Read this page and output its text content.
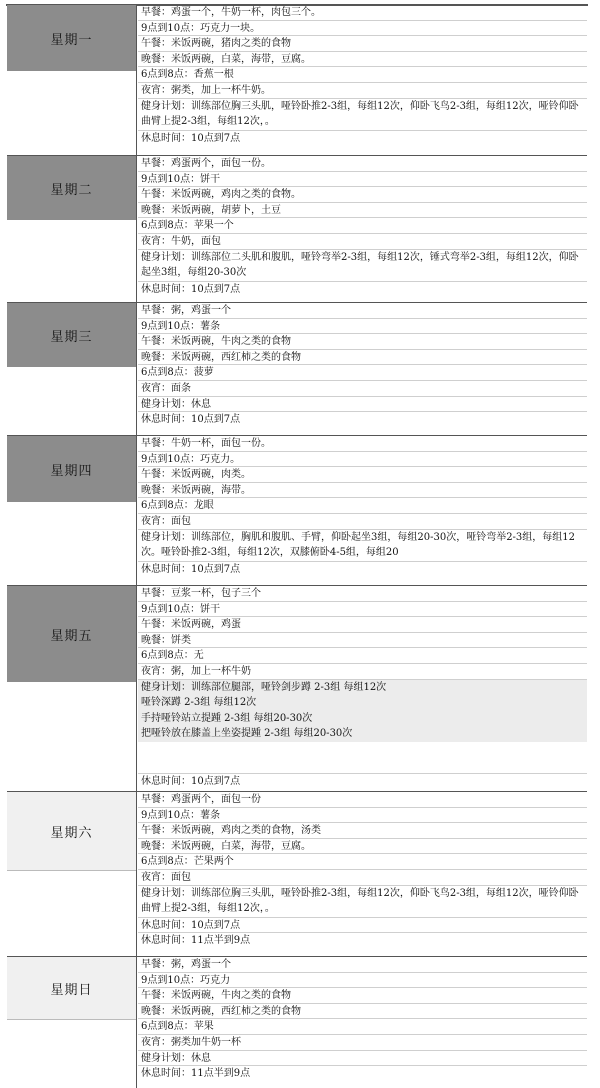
星期一
早餐：鸡蛋一个，牛奶一杯，肉包三个。
9点到10点：巧克力一块。
午餐：米饭两碗，猪肉之类的食物
晚餐：米饭两碗，白菜，海带，豆腐。
6点到8点：香蕉一根
夜宵：粥类，加上一杯牛奶。
健身计划：训练部位胸三头肌，哑铃卧推2-3组，每组12次，仰卧飞鸟2-3组，每组12次，哑铃仰卧曲臂上提2-3组，每组12次，。
休息时间：10点到7点
星期二
早餐：鸡蛋两个，面包一份。
9点到10点：饼干
午餐：米饭两碗，鸡肉之类的食物。
晚餐：米饭两碗，胡萝卜，土豆
6点到8点：苹果一个
夜宵：牛奶，面包
健身计划：训练部位二头肌和腹肌，哑铃弯举2-3组，每组12次，锤式弯举2-3组，每组12次，仰卧起坐3组，每组20-30次
休息时间：10点到7点
星期三
早餐：粥，鸡蛋一个
9点到10点：薯条
午餐：米饭两碗，牛肉之类的食物
晚餐：米饭两碗，西红柿之类的食物
6点到8点：菠萝
夜宵：面条
健身计划：休息
休息时间：10点到7点
星期四
早餐：牛奶一杯，面包一份。
9点到10点：巧克力。
午餐：米饭两碗，肉类。
晚餐：米饭两碗，海带。
6点到8点：龙眼
夜宵：面包
健身计划：训练部位，胸肌和腹肌、手臂，仰卧起坐3组，每组20-30次，哑铃弯举2-3组，每组12次。哑铃卧推2-3组，每组12次，双膝俯卧4-5组，每组20
休息时间：10点到7点
星期五
早餐：豆浆一杯，包子三个
9点到10点：饼干
午餐：米饭两碗，鸡蛋
晚餐：饼类
6点到8点：无
夜宵：粥，加上一杯牛奶
健身计划：训练部位腿部，哑铃剑步蹲 2-3组 每组12次
哑铃深蹲 2-3组 每组12次
手持哑铃站立提踵 2-3组 每组20-30次
把哑铃放在膝盖上坐姿提踵 2-3组 每组20-30次
休息时间：10点到7点
星期六
早餐：鸡蛋两个，面包一份
9点到10点：薯条
午餐：米饭两碗，鸡肉之类的食物，汤类
晚餐：米饭两碗，白菜，海带，豆腐。
6点到8点：芒果两个
夜宵：面包
健身计划：训练部位胸三头肌，哑铃卧推2-3组，每组12次，仰卧飞鸟2-3组，每组12次，哑铃仰卧曲臂上提2-3组，每组12次，。
休息时间：10点到7点
休息时间：11点半到9点
星期日
早餐：粥，鸡蛋一个
9点到10点：巧克力
午餐：米饭两碗，牛肉之类的食物
晚餐：米饭两碗，西红柿之类的食物
6点到8点：苹果
夜宵：粥类加牛奶一杯
健身计划：休息
休息时间：11点半到9点
